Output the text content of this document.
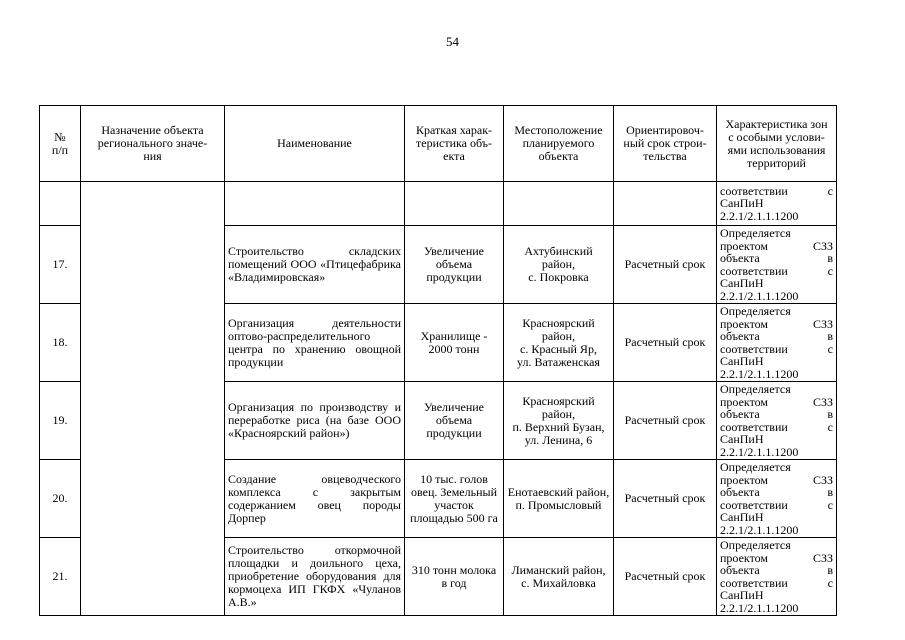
54
№
п/п	Назначение объекта
регионального значе-
ния	Наименование	Краткая харак-
теристика объ-
екта	Местоположение
планируемого
объекта	Ориентировоч-
ный срок строи-
тельства	Характеристика зон
с особыми услови-
ями использования
территорий
						соответствии с СанПиН 2.2.1/2.1.1.1200
17.		Строительство складских помещений ООО «Птицефабрика «Владимировская»	Увеличение объема продукции	Ахтубинский район,
с. Покровка	Расчетный срок	Определяется проектом СЗЗ объекта в соответствии с СанПиН 2.2.1/2.1.1.1200
18.		Организация деятельности оптово-распределительного центра по хранению овощной продукции	Хранилище -
2000 тонн	Красноярский район,
с. Красный Яр,
ул. Ватаженская	Расчетный срок	Определяется проектом СЗЗ объекта в соответствии с СанПиН 2.2.1/2.1.1.1200
19.		Организация по производству и переработке риса (на базе ООО «Красноярский район»)	Увеличение объема продукции	Красноярский район,
п. Верхний Бузан,
ул. Ленина, 6	Расчетный срок	Определяется проектом СЗЗ объекта в соответствии с СанПиН 2.2.1/2.1.1.1200
20.		Создание овцеводческого комплекса с закрытым содержанием овец породы Дорпер	10 тыс. голов овец. Земельный участок площадью 500 га	Енотаевский район,
п. Промысловый	Расчетный срок	Определяется проектом СЗЗ объекта в соответствии с СанПиН 2.2.1/2.1.1.1200
21.		Строительство откормочной площадки и доильного цеха, приобретение оборудования для кормоцеха ИП ГКФХ «Чуланов А.В.»	310 тонн молока в год	Лиманский район,
с. Михайловка	Расчетный срок	Определяется проектом СЗЗ объекта в соответствии с СанПиН 2.2.1/2.1.1.1200
